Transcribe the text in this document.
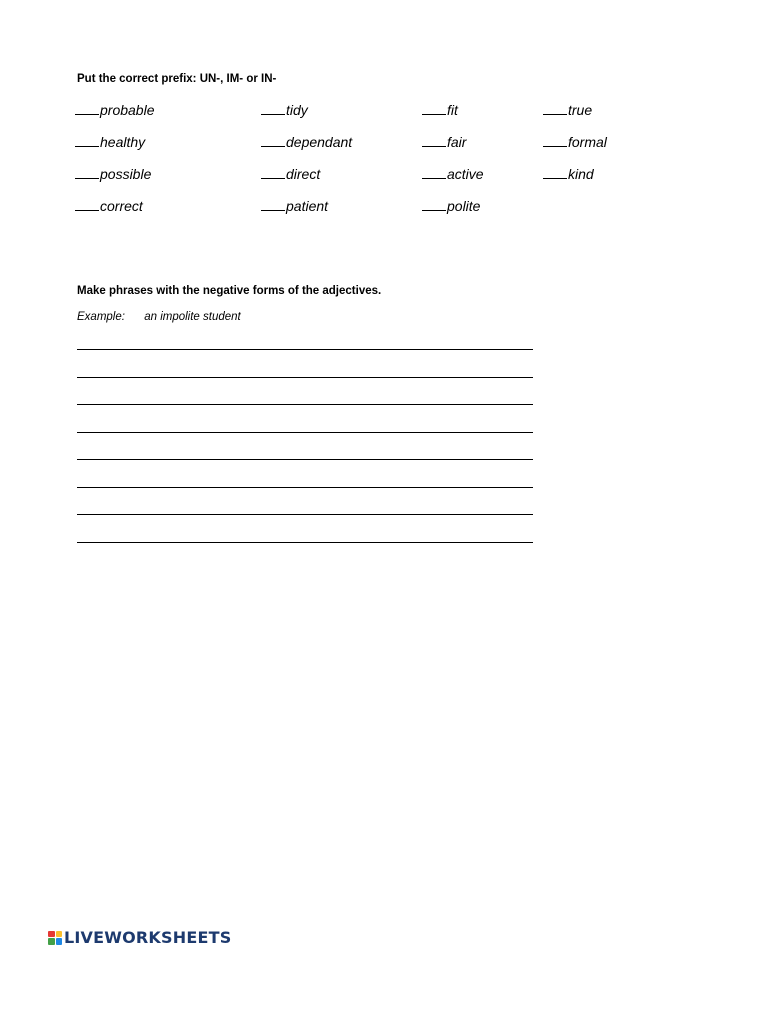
Put the correct prefix: UN-, IM- or IN-
probable
healthy
possible
correct
tidy
dependant
direct
patient
fit
fair
active
polite
true
formal
kind
Make phrases with the negative forms of the adjectives.
Example: an impolite student
LIVEWORKSHEETS
